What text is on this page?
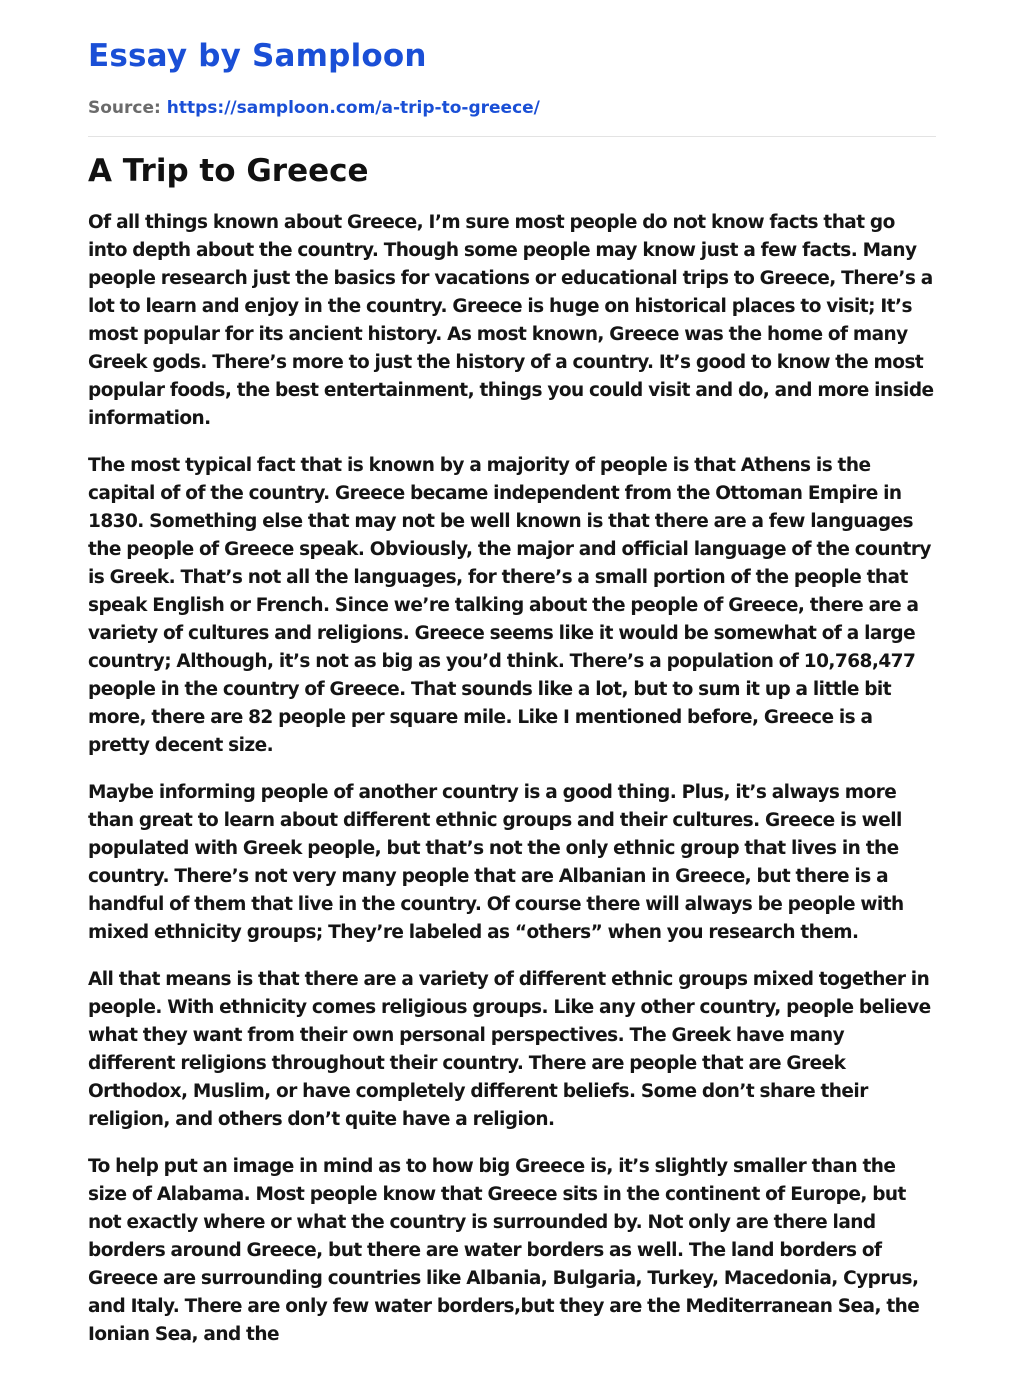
Essay by Samploon
Source: https://samploon.com/a-trip-to-greece/
A Trip to Greece

Of all things known about Greece, I’m sure most people do not know facts that go into depth about the country. Though some people may know just a few facts. Many people research just the basics for vacations or educational trips to Greece, There’s a lot to learn and enjoy in the country. Greece is huge on historical places to visit; It’s most popular for its ancient history. As most known, Greece was the home of many Greek gods. There’s more to just the history of a country. It’s good to know the most popular foods, the best entertainment, things you could visit and do, and more inside information.

The most typical fact that is known by a majority of people is that Athens is the capital of of the country. Greece became independent from the Ottoman Empire in 1830. Something else that may not be well known is that there are a few languages the people of Greece speak. Obviously, the major and official language of the country is Greek. That’s not all the languages, for there’s a small portion of the people that speak English or French. Since we’re talking about the people of Greece, there are a variety of cultures and religions. Greece seems like it would be somewhat of a large country; Although, it’s not as big as you’d think. There’s a population of 10,768,477 people in the country of Greece. That sounds like a lot, but to sum it up a little bit more, there are 82 people per square mile. Like I mentioned before, Greece is a pretty decent size.

Maybe informing people of another country is a good thing. Plus, it’s always more than great to learn about different ethnic groups and their cultures. Greece is well populated with Greek people, but that’s not the only ethnic group that lives in the country. There’s not very many people that are Albanian in Greece, but there is a handful of them that live in the country. Of course there will always be people with mixed ethnicity groups; They’re labeled as “others” when you research them.

All that means is that there are a variety of different ethnic groups mixed together in people. With ethnicity comes religious groups. Like any other country, people believe what they want from their own personal perspectives. The Greek have many different religions throughout their country. There are people that are Greek Orthodox, Muslim, or have completely different beliefs. Some don’t share their religion, and others don’t quite have a religion.

To help put an image in mind as to how big Greece is, it’s slightly smaller than the size of Alabama. Most people know that Greece sits in the continent of Europe, but not exactly where or what the country is surrounded by. Not only are there land borders around Greece, but there are water borders as well. The land borders of Greece are surrounding countries like Albania, Bulgaria, Turkey, Macedonia, Cyprus, and Italy. There are only few water borders,but they are the Mediterranean Sea, the Ionian Sea, and the
